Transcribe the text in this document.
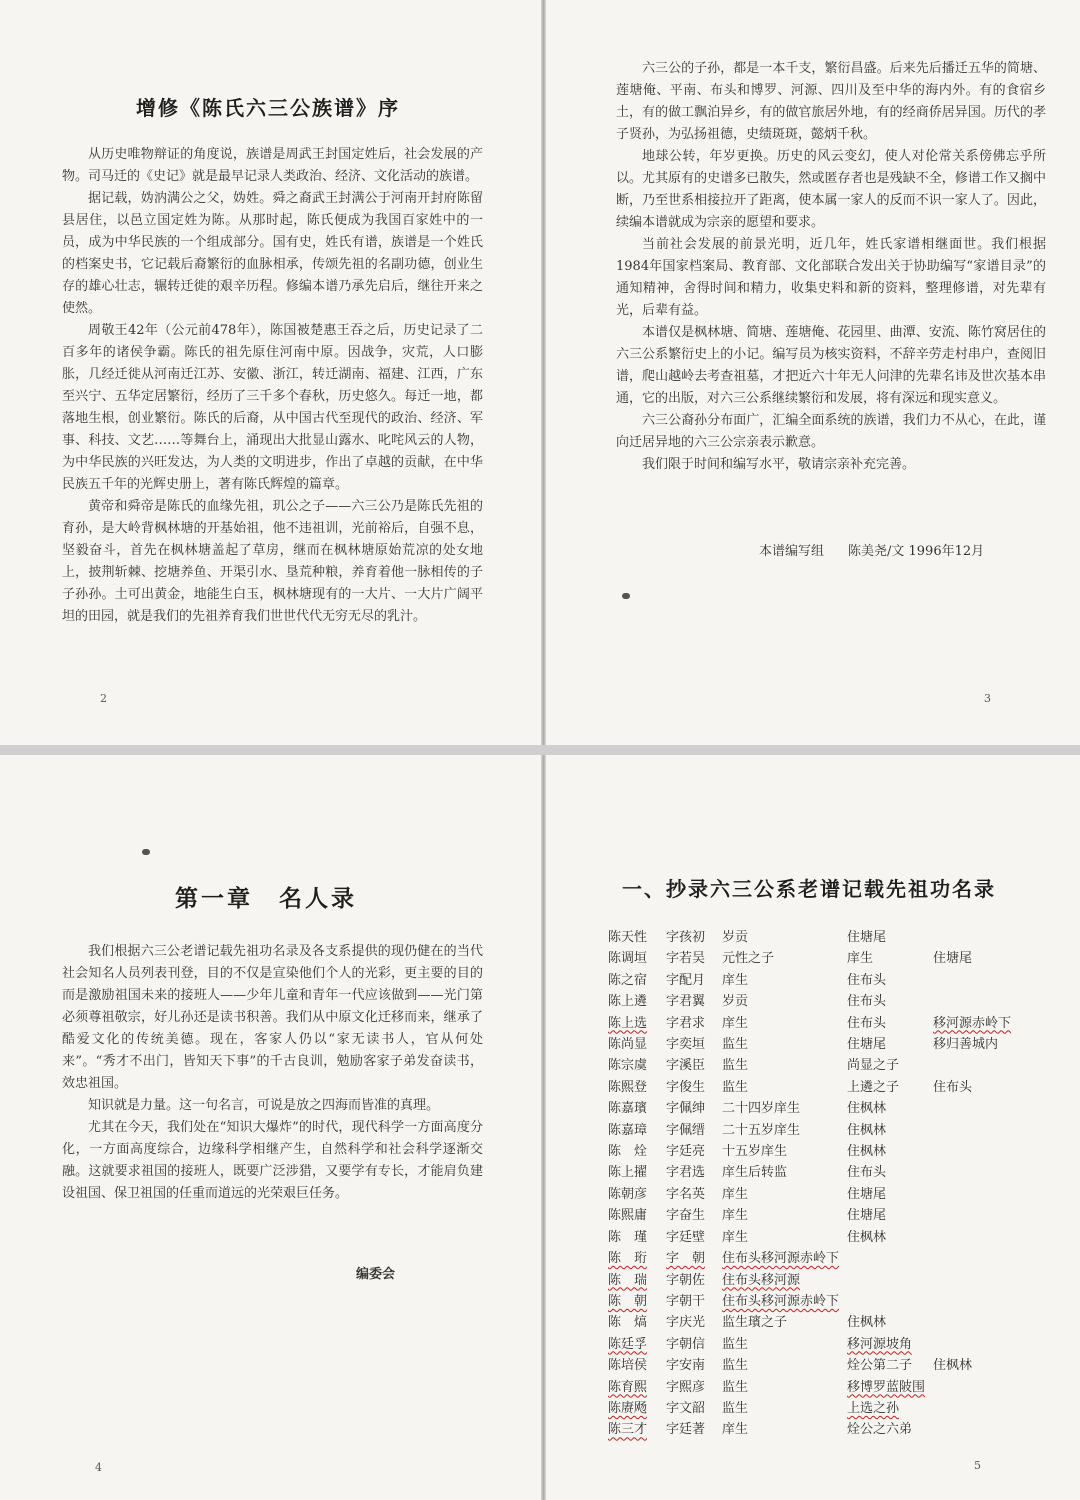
增修《陈氏六三公族谱》序

从历史唯物辩证的角度说，族谱是周武王封国定姓后，社会发展的产物。司马迁的《史记》就是最早记录人类政治、经济、文化活动的族谱。

据记载，妫汭满公之父，妫姓。舜之裔武王封满公于河南开封府陈留县居住，以邑立国定姓为陈。从那时起，陈氏便成为我国百家姓中的一员，成为中华民族的一个组成部分。国有史，姓氏有谱，族谱是一个姓氏的档案史书，它记载后裔繁衍的血脉相承，传颂先祖的名副功德，创业生存的雄心壮志，辗转迁徙的艰辛历程。修编本谱乃承先启后，继往开来之使然。

周敬王42年（公元前478年），陈国被楚惠王吞之后，历史记录了二百多年的诸侯争霸。陈氏的祖先原住河南中原。因战争，灾荒，人口膨胀，几经迁徙从河南迁江苏、安徽、浙江，转迁湖南、福建、江西，广东至兴宁、五华定居繁衍，经历了三千多个春秋，历史悠久。每迁一地，都落地生根，创业繁衍。陈氏的后裔，从中国古代至现代的政治、经济、军事、科技、文艺……等舞台上，涌现出大批显山露水、叱咤风云的人物，为中华民族的兴旺发达，为人类的文明进步，作出了卓越的贡献，在中华民族五千年的光辉史册上，著有陈氏辉煌的篇章。

黄帝和舜帝是陈氏的血缘先祖，玑公之子——六三公乃是陈氏先祖的育孙，是大岭背枫林塘的开基始祖，他不违祖训，光前裕后，自强不息，坚毅奋斗，首先在枫林塘盖起了草房，继而在枫林塘原始荒凉的处女地上，披荆斩棘、挖塘养鱼、开渠引水、垦荒种粮，养育着他一脉相传的子子孙孙。土可出黄金，地能生白玉，枫林塘现有的一大片、一大片广阔平坦的田园，就是我们的先祖养育我们世世代代无穷无尽的乳汁。

2

六三公的子孙，都是一本千支，繁衍昌盛。后来先后播迁五华的简塘、莲塘俺、平南、布头和博罗、河源、四川及至中华的海内外。有的食宿乡土，有的做工飘泊异乡，有的做官旅居外地，有的经商侨居异国。历代的孝子贤孙，为弘扬祖德，史绩斑斑，懿炳千秋。

地球公转，年岁更换。历史的风云变幻，使人对伦常关系傍佛忘乎所以。尤其原有的史谱多已散失，然或匿存者也是残缺不全，修谱工作又搁中断，乃至世系相接拉开了距离，使本属一家人的反而不识一家人了。因此，续编本谱就成为宗亲的愿望和要求。

当前社会发展的前景光明，近几年，姓氏家谱相继面世。我们根据1984年国家档案局、教育部、文化部联合发出关于协助编写“家谱目录”的通知精神，舍得时间和精力，收集史料和新的资料，整理修谱，对先辈有光，后辈有益。

本谱仅是枫林塘、简塘、莲塘俺、花园里、曲潭、安流、陈竹窝居住的六三公系繁衍史上的小记。编写员为核实资料，不辞辛劳走村串户，查阅旧谱，爬山越岭去考查祖墓，才把近六十年无人问津的先辈名讳及世次基本串通，它的出版，对六三公系继续繁衍和发展，将有深远和现实意义。

六三公裔孙分布面广，汇编全面系统的族谱，我们力不从心，在此，谨向迁居异地的六三公宗亲表示歉意。

我们限于时间和编写水平，敬请宗亲补充完善。

本谱编写组 陈美尧/文 1996年12月
3
第一章　名人录

我们根据六三公老谱记载先祖功名录及各支系提供的现仍健在的当代社会知名人员列表刊登，目的不仅是宣染他们个人的光彩，更主要的目的而是激励祖国未来的接班人——少年儿童和青年一代应该做到——光门第必须尊祖敬宗，好儿孙还是读书积善。我们从中原文化迁移而来，继承了酷爱文化的传统美德。现在，客家人仍以“家无读书人，官从何处来”。“秀才不出门，皆知天下事”的千古良训，勉励客家子弟发奋读书，效忠祖国。

知识就是力量。这一句名言，可说是放之四海而皆准的真理。

尤其在今天，我们处在“知识大爆炸”的时代，现代科学一方面高度分化，一方面高度综合，边缘科学相继产生，自然科学和社会科学逐渐交融。这就要求祖国的接班人，既要广泛涉猎，又要学有专长，才能肩负建设祖国、保卫祖国的任重而道远的光荣艰巨任务。

编委会
4
一、抄录六三公系老谱记载先祖功名录
陈天性	字孩初	岁贡	住塘尾	
陈调垣	字若吴	元性之子	庠生	住塘尾
陈之宿	字配月	庠生	住布头	
陈上遴	字君翼	岁贡	住布头	
陈上选	字君求	庠生	住布头	移河源赤岭下
陈尚显	字奕垣	监生	住塘尾	移归善城内
陈宗虞	字溪臣	监生	尚显之子	
陈熙登	字俊生	监生	上遴之子	住布头
陈嘉璸	字佩绅	二十四岁庠生	住枫林	
陈嘉璋	字佩缙	二十五岁庠生	住枫林	
陈　烇	字廷亮	十五岁庠生	住枫林	
陈上擢	字君选	庠生后转监	住布头	
陈朝彦	字名英	庠生	住塘尾	
陈熙庸	字奋生	庠生	住塘尾	
陈　瑾	字廷壁	庠生	住枫林	
陈　珩	字　朝	住布头移河源赤岭下		
陈　瑞	字朝佐	住布头移河源		
陈　朝	字朝干	住布头移河源赤岭下		
陈　熇	字庆光	监生璸之子	住枫林	
陈廷孚	字朝信	监生	移河源坡角	
陈培侯	字安南	监生	烇公第二子	住枫林
陈育熙	字熙彦	监生	移博罗蓝陂围	
陈赓飏	字文韶	监生	上选之孙	
陈三才	字廷著	庠生	烇公之六弟	
5
